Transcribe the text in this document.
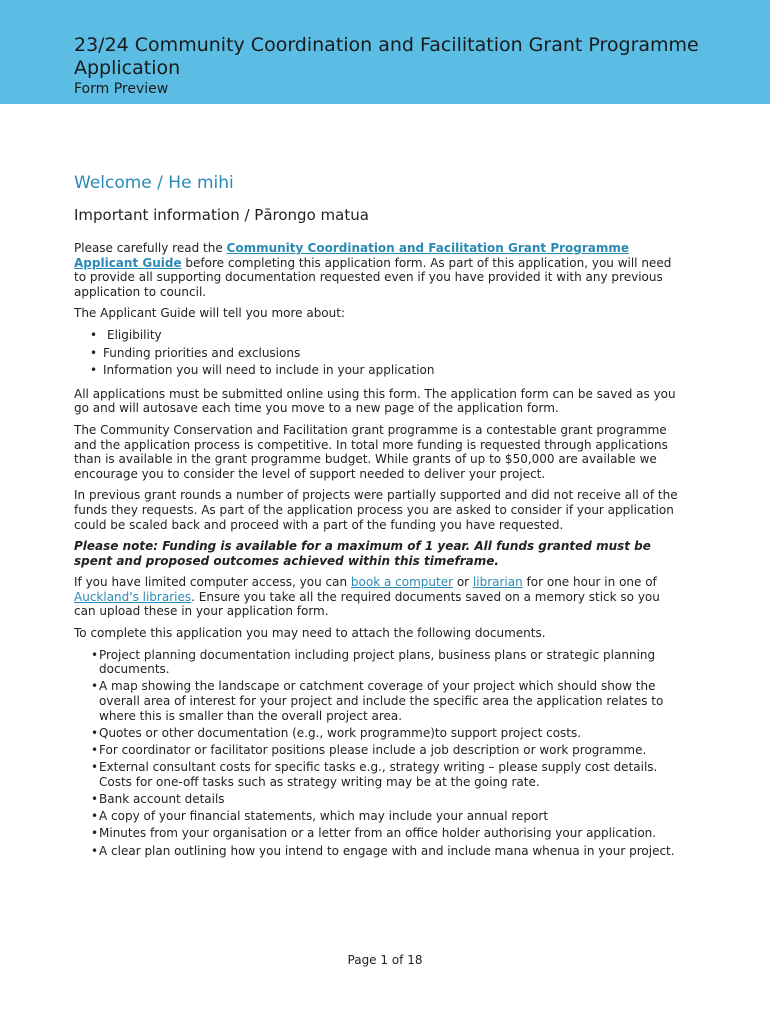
23/24 Community Coordination and Facilitation Grant Programme Application
Form Preview
Welcome / He mihi
Important information / Pārongo matua

Please carefully read the Community Coordination and Facilitation Grant Programme Applicant Guide before completing this application form. As part of this application, you will need to provide all supporting documentation requested even if you have provided it with any previous application to council.

The Applicant Guide will tell you more about:

• Eligibility
• Funding priorities and exclusions
• Information you will need to include in your application

All applications must be submitted online using this form. The application form can be saved as you go and will autosave each time you move to a new page of the application form.

The Community Conservation and Facilitation grant programme is a contestable grant programme and the application process is competitive. In total more funding is requested through applications than is available in the grant programme budget. While grants of up to $50,000 are available we encourage you to consider the level of support needed to deliver your project.

In previous grant rounds a number of projects were partially supported and did not receive all of the funds they requests. As part of the application process you are asked to consider if your application could be scaled back and proceed with a part of the funding you have requested.

Please note: Funding is available for a maximum of 1 year. All funds granted must be spent and proposed outcomes achieved within this timeframe.

If you have limited computer access, you can book a computer or librarian for one hour in one of Auckland's libraries. Ensure you take all the required documents saved on a memory stick so you can upload these in your application form.

To complete this application you may need to attach the following documents.

• Project planning documentation including project plans, business plans or strategic planning documents.
• A map showing the landscape or catchment coverage of your project which should show the overall area of interest for your project and include the specific area the application relates to where this is smaller than the overall project area.
• Quotes or other documentation (e.g., work programme)to support project costs.
• For coordinator or facilitator positions please include a job description or work programme.
• External consultant costs for specific tasks e.g., strategy writing – please supply cost details. Costs for one-off tasks such as strategy writing may be at the going rate.
• Bank account details
• A copy of your financial statements, which may include your annual report
• Minutes from your organisation or a letter from an office holder authorising your application.
• A clear plan outlining how you intend to engage with and include mana whenua in your project.
Page 1 of 18
